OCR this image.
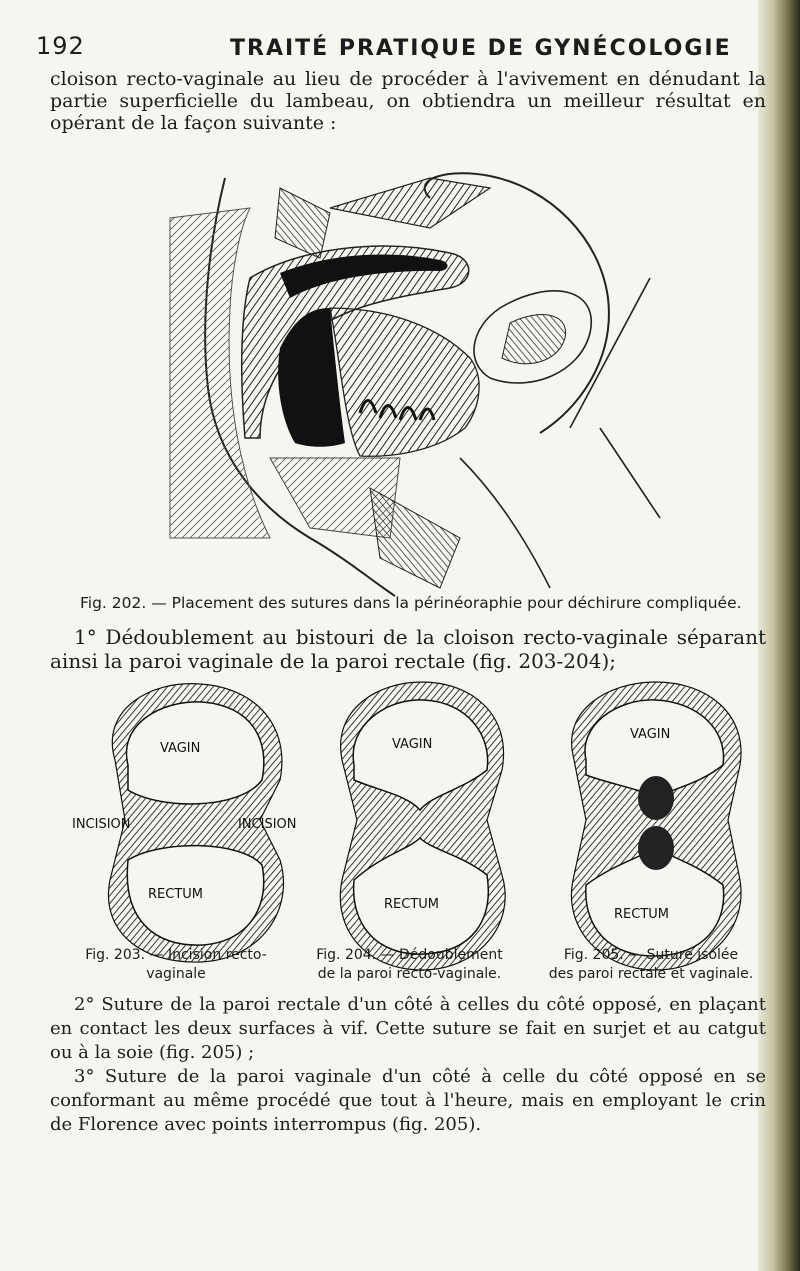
192	TRAITÉ PRATIQUE DE GYNÉCOLOGIE

cloison recto-vaginale au lieu de procéder à l'avivement en dénudant la partie superficielle du lambeau, on obtiendra un meilleur résultat en opérant de la façon suivante :

Fig. 202. — Placement des sutures dans la périnéoraphie pour déchirure compliquée.

1° Dédoublement au bistouri de la cloison recto-vaginale séparant ainsi la paroi vaginale de la paroi rectale (fig. 203-204);

VAGIN
RECTUM
INCISION	INCISION
VAGIN
RECTUM
VAGIN
RECTUM
Fig. 203. — Incision recto-
vaginale
Fig. 204. — Dédoublement
de la paroi recto-vaginale.
Fig. 205. — Suture isolée
des paroi rectale et vaginale.

2° Suture de la paroi rectale d'un côté à celles du côté opposé, en plaçant en contact les deux surfaces à vif. Cette suture se fait en surjet et au catgut ou à la soie (fig. 205) ;

3° Suture de la paroi vaginale d'un côté à celle du côté opposé en se conformant au même procédé que tout à l'heure, mais en employant le crin de Florence avec points interrompus (fig. 205).
